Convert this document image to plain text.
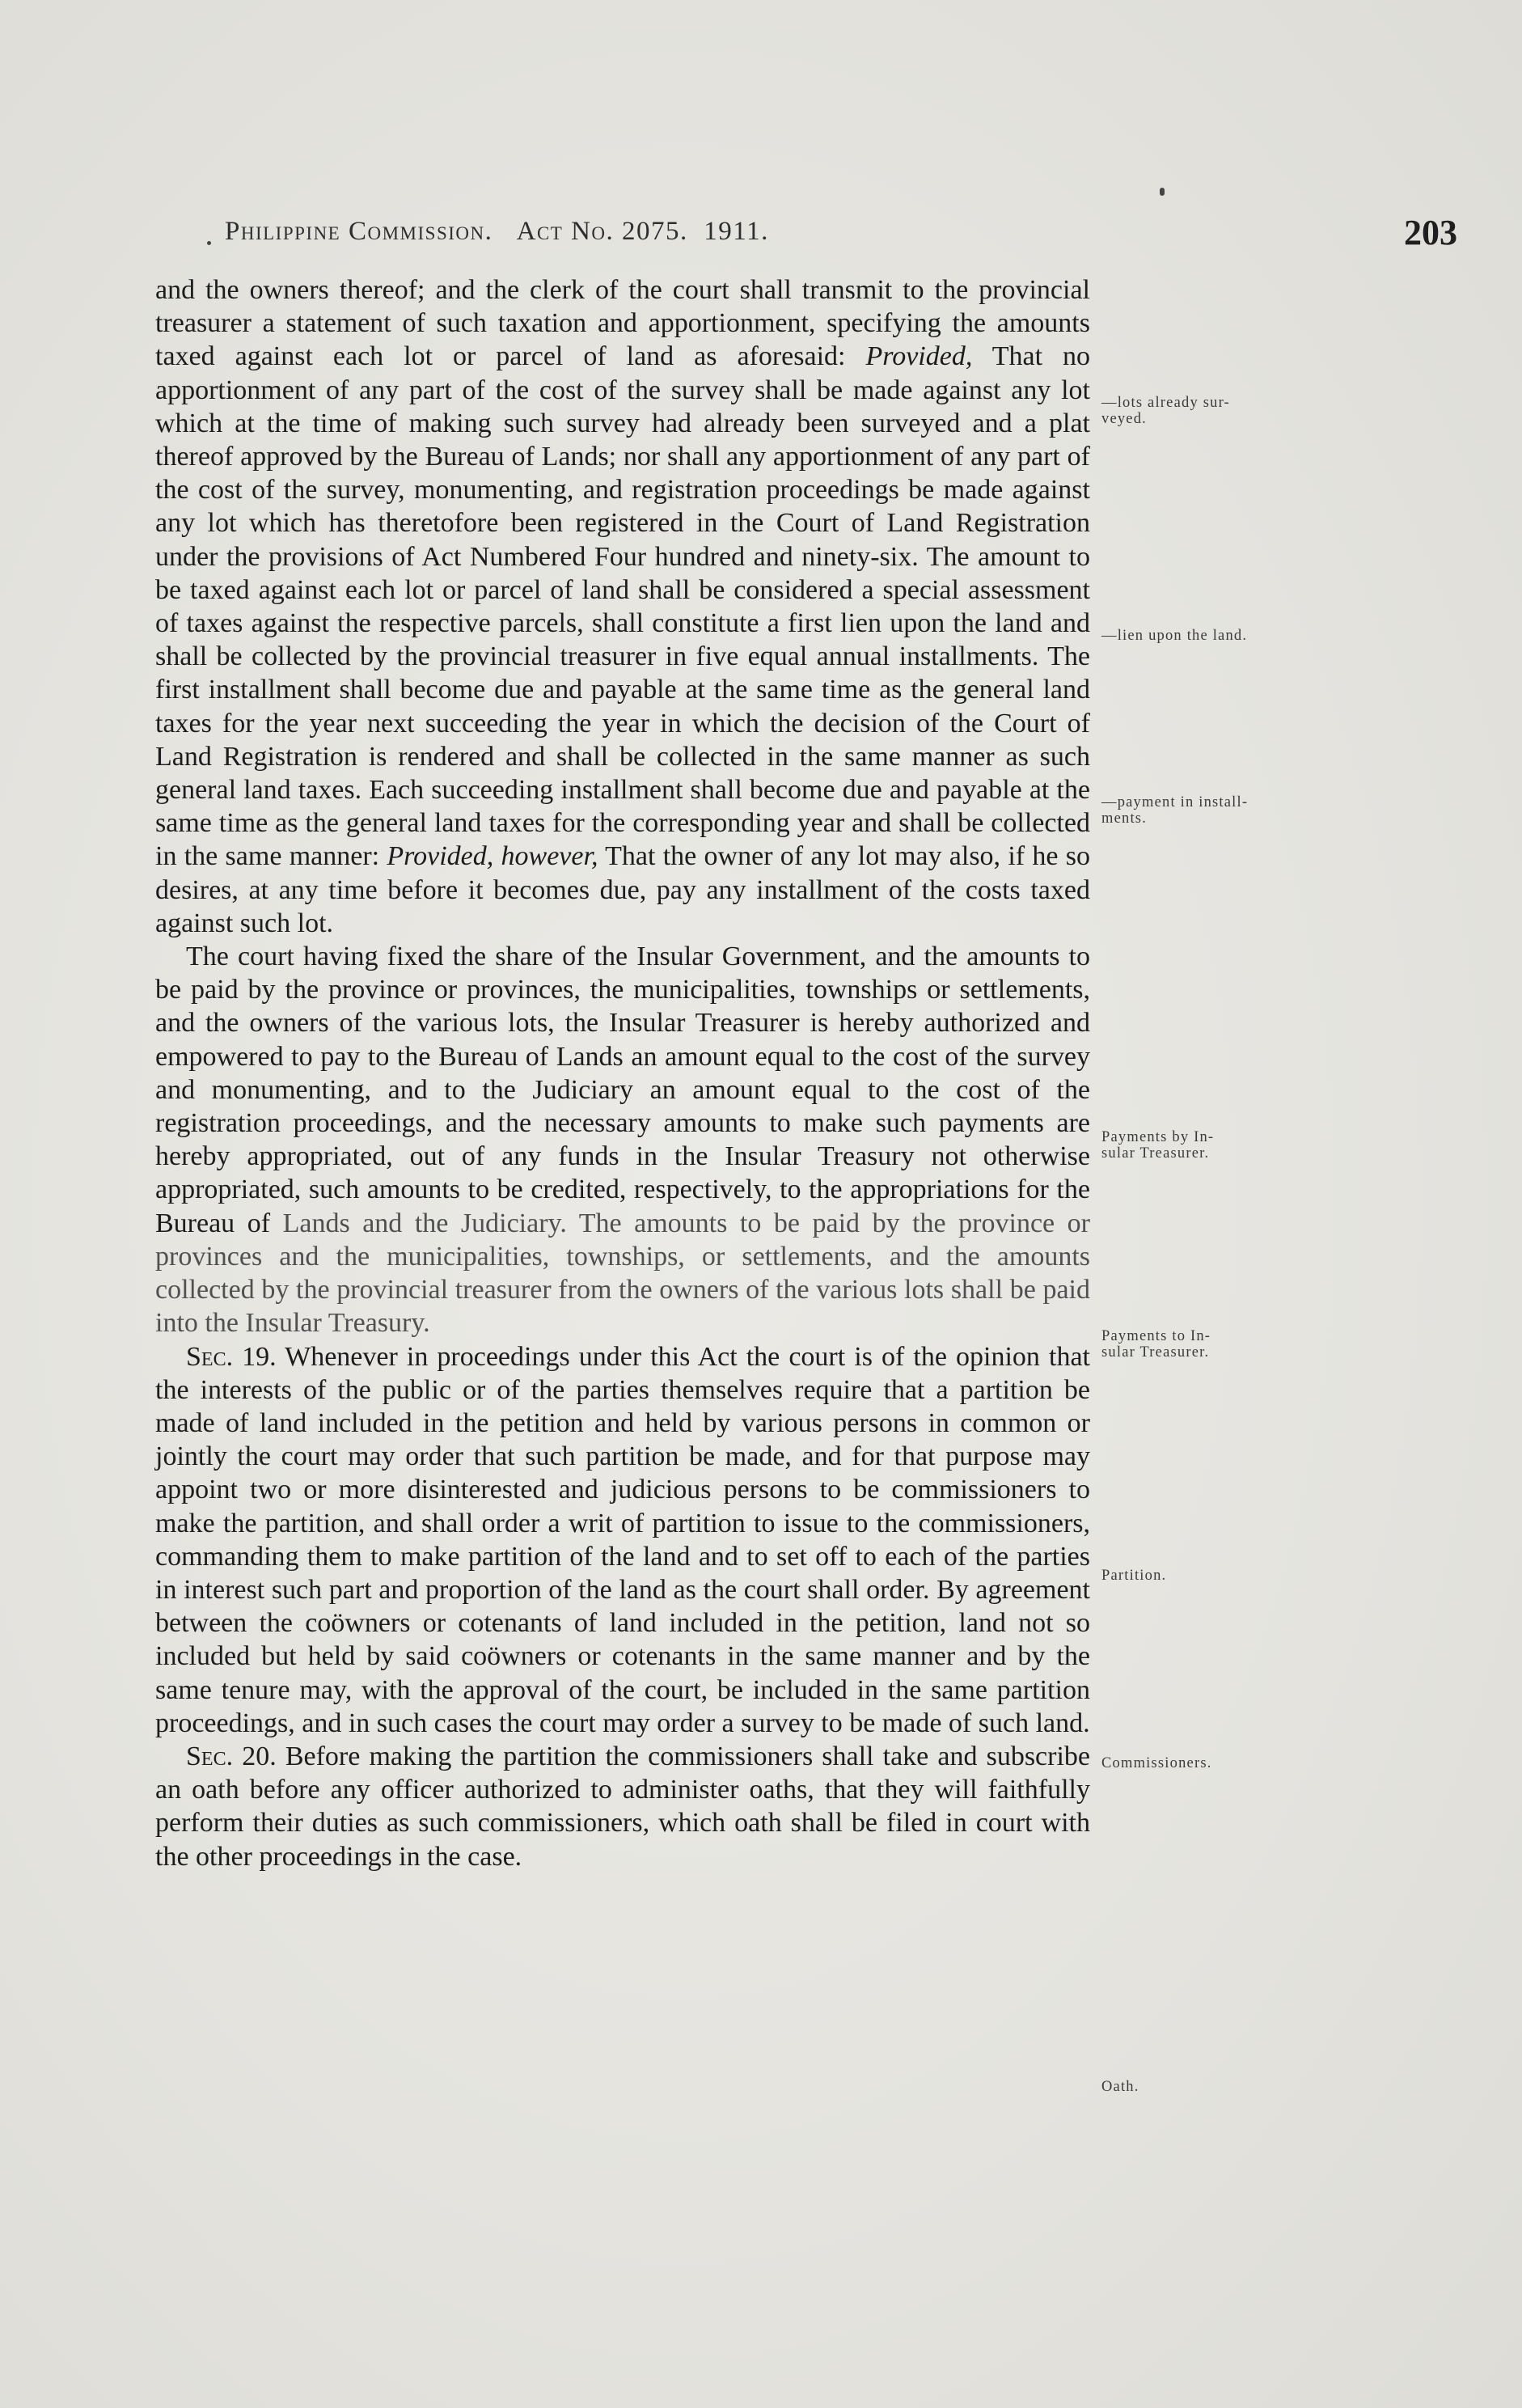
Philippine Commission. Act No. 2075. 1911.	203

and the owners thereof; and the clerk of the court shall transmit to the provincial treasurer a statement of such taxation and apportionment, specifying the amounts taxed against each lot or parcel of land as aforesaid: Provided, That no apportionment of any part of the cost of the survey shall be made against any lot which at the time of making such survey had already been surveyed and a plat thereof approved by the Bureau of Lands; nor shall any apportionment of any part of the cost of the survey, monumenting, and registration proceedings be made against any lot which has theretofore been registered in the Court of Land Registration under the provisions of Act Numbered Four hundred and ninety-six. The amount to be taxed against each lot or parcel of land shall be considered a special assessment of taxes against the respective parcels, shall constitute a first lien upon the land and shall be collected by the provincial treasurer in five equal annual installments. The first installment shall become due and payable at the same time as the general land taxes for the year next succeeding the year in which the decision of the Court of Land Registration is rendered and shall be collected in the same manner as such general land taxes. Each succeeding installment shall become due and payable at the same time as the general land taxes for the corresponding year and shall be collected in the same manner: Provided, however, That the owner of any lot may also, if he so desires, at any time before it becomes due, pay any installment of the costs taxed against such lot.

The court having fixed the share of the Insular Government, and the amounts to be paid by the province or provinces, the municipalities, townships or settlements, and the owners of the various lots, the Insular Treasurer is hereby authorized and empowered to pay to the Bureau of Lands an amount equal to the cost of the survey and monumenting, and to the Judiciary an amount equal to the cost of the registration proceedings, and the necessary amounts to make such payments are hereby appropriated, out of any funds in the Insular Treasury not otherwise appropriated, such amounts to be credited, respectively, to the appropriations for the Bureau of Lands and the Judiciary. The amounts to be paid by the province or provinces and the municipalities, townships, or settlements, and the amounts collected by the provincial treasurer from the owners of the various lots shall be paid into the Insular Treasury.

Sec. 19. Whenever in proceedings under this Act the court is of the opinion that the interests of the public or of the parties themselves require that a partition be made of land included in the petition and held by various persons in common or jointly the court may order that such partition be made, and for that purpose may appoint two or more disinterested and judicious persons to be commissioners to make the partition, and shall order a writ of partition to issue to the commissioners, commanding them to make partition of the land and to set off to each of the parties in interest such part and proportion of the land as the court shall order. By agreement between the coöwners or cotenants of land included in the petition, land not so included but held by said coöwners or cotenants in the same manner and by the same tenure may, with the approval of the court, be included in the same partition proceedings, and in such cases the court may order a survey to be made of such land.

Sec. 20. Before making the partition the commissioners shall take and subscribe an oath before any officer authorized to administer oaths, that they will faithfully perform their duties as such commissioners, which oath shall be filed in court with the other proceedings in the case.

—lots already sur-
veyed.
—lien upon the land.
—payment in install-
ments.
Payments by In-
sular Treasurer.
Payments to In-
sular Treasurer.
Partition.
Commissioners.
Oath.
